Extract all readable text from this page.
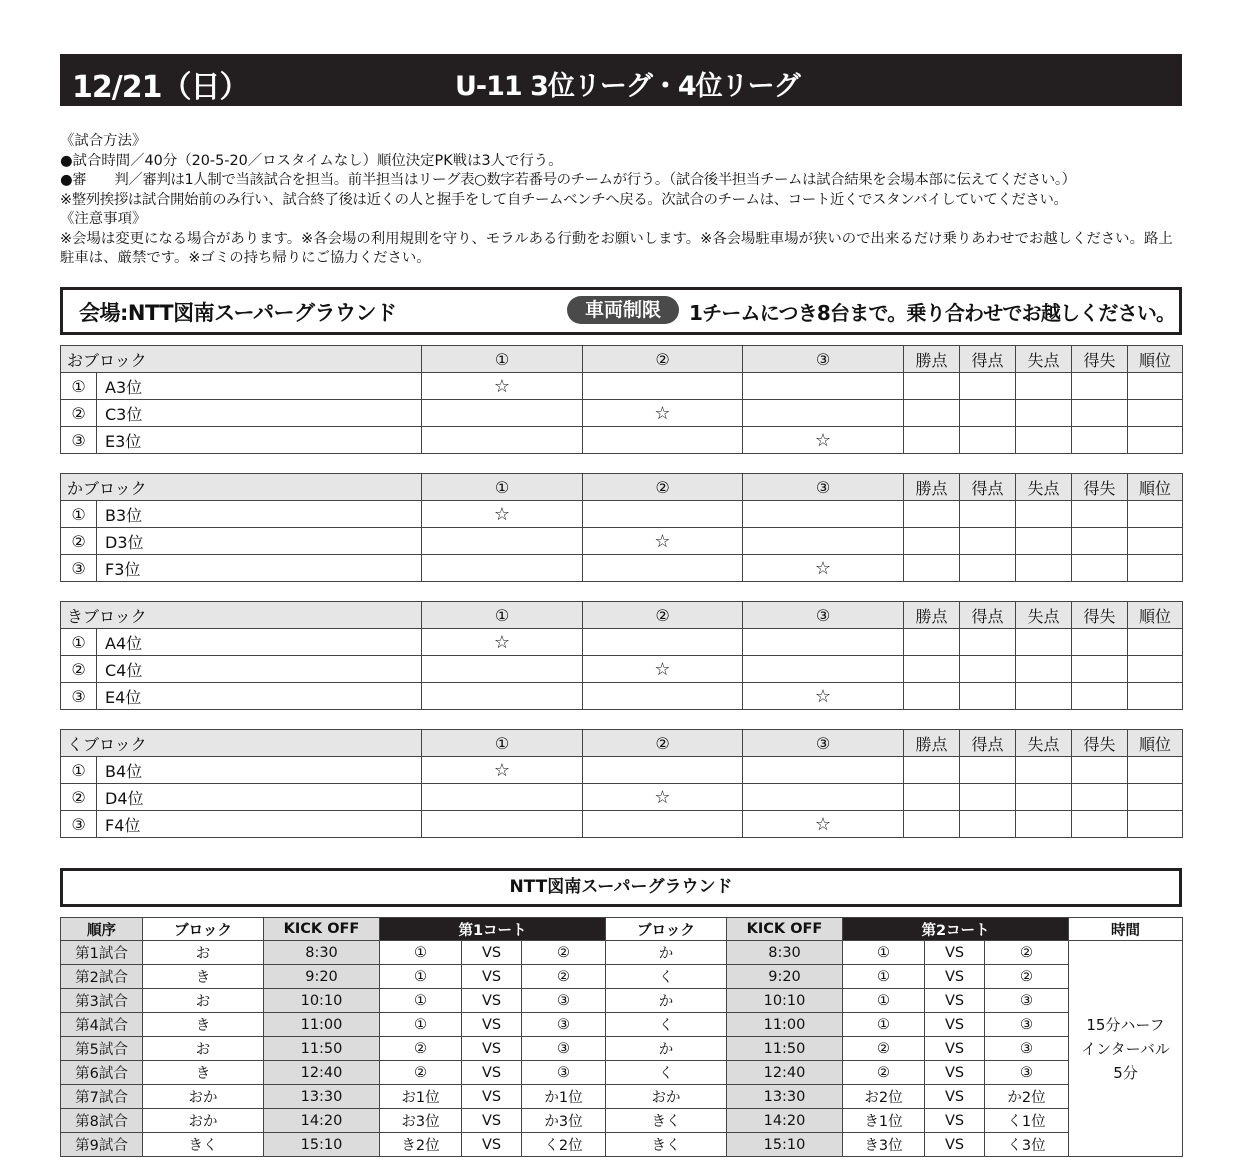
12/21（日）	U-11 3位リーグ・4位リーグ
《試合方法》
●試合時間／40分（20-5-20／ロスタイムなし）順位決定PK戦は3人で行う。
●審　　判／審判は1人制で当該試合を担当。前半担当はリーグ表○数字若番号のチームが行う。（試合後半担当チームは試合結果を会場本部に伝えてください。）
※整列挨拶は試合開始前のみ行い、試合終了後は近くの人と握手をして自チームベンチへ戻る。次試合のチームは、コート近くでスタンバイしていてください。
《注意事項》
※会場は変更になる場合があります。※各会場の利用規則を守り、モラルある行動をお願いします。※各会場駐車場が狭いので出来るだけ乗りあわせでお越しください。路上駐車は、厳禁です。※ゴミの持ち帰りにご協力ください。
会場:NTT図南スーパーグラウンド	車両制限	1チームにつき8台まで。乗り合わせでお越しください。
おブロック		①	②	③	勝点	得点	失点	得失	順位
①	A3位	☆							
②	C3位		☆						
③	E3位			☆					
かブロック		①	②	③	勝点	得点	失点	得失	順位
①	B3位	☆							
②	D3位		☆						
③	F3位			☆					
きブロック		①	②	③	勝点	得点	失点	得失	順位
①	A4位	☆							
②	C4位		☆						
③	E4位			☆					
くブロック		①	②	③	勝点	得点	失点	得失	順位
①	B4位	☆							
②	D4位		☆						
③	F4位			☆					
NTT図南スーパーグラウンド
順序	ブロック	KICK OFF	第1コート			ブロック	KICK OFF	第2コート			時間
第1試合	お	8:30	①	VS	②	か	8:30	①	VS	②	15分ハーフ
インターバル
5分

第2試合	き	9:20	①	VS	②	く	9:20	①	VS	②	
第3試合	お	10:10	①	VS	③	か	10:10	①	VS	③	
第4試合	き	11:00	①	VS	③	く	11:00	①	VS	③	
第5試合	お	11:50	②	VS	③	か	11:50	②	VS	③	
第6試合	き	12:40	②	VS	③	く	12:40	②	VS	③	
第7試合	おか	13:30	お1位	VS	か1位	おか	13:30	お2位	VS	か2位	
第8試合	おか	14:20	お3位	VS	か3位	きく	14:20	き1位	VS	く1位	
第9試合	きく	15:10	き2位	VS	く2位	きく	15:10	き3位	VS	く3位	
